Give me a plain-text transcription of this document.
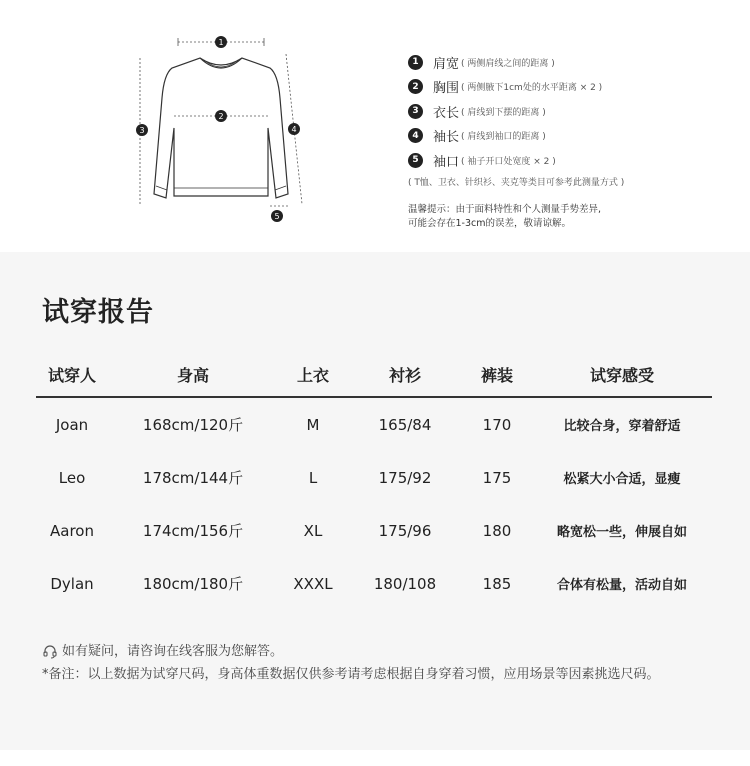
1
2
3	4
5
1	肩宽 ( 两侧肩线之间的距离 )
2	胸围 ( 两侧腋下1cm处的水平距离 × 2 )
3	衣长 ( 肩线到下摆的距离 )
4	袖长 ( 肩线到袖口的距离 )
5	袖口 ( 袖子开口处宽度 × 2 )
( T恤、卫衣、针织衫、夹克等类目可参考此测量方式 )
温馨提示：由于面料特性和个人测量手势差异,
可能会存在1-3cm的误差，敬请谅解。
试穿报告
试穿人	身高	上衣	衬衫	裤装	试穿感受
Joan	168cm/120斤	M	165/84	170	比较合身，穿着舒适
Leo	178cm/144斤	L	175/92	175	松紧大小合适，显瘦
Aaron	174cm/156斤	XL	175/96	180	略宽松一些，伸展自如
Dylan	180cm/180斤	XXXL	180/108	185	合体有松量，活动自如
如有疑问，请咨询在线客服为您解答。
*备注：以上数据为试穿尺码，身高体重数据仅供参考请考虑根据自身穿着习惯，应用场景等因素挑选尺码。
